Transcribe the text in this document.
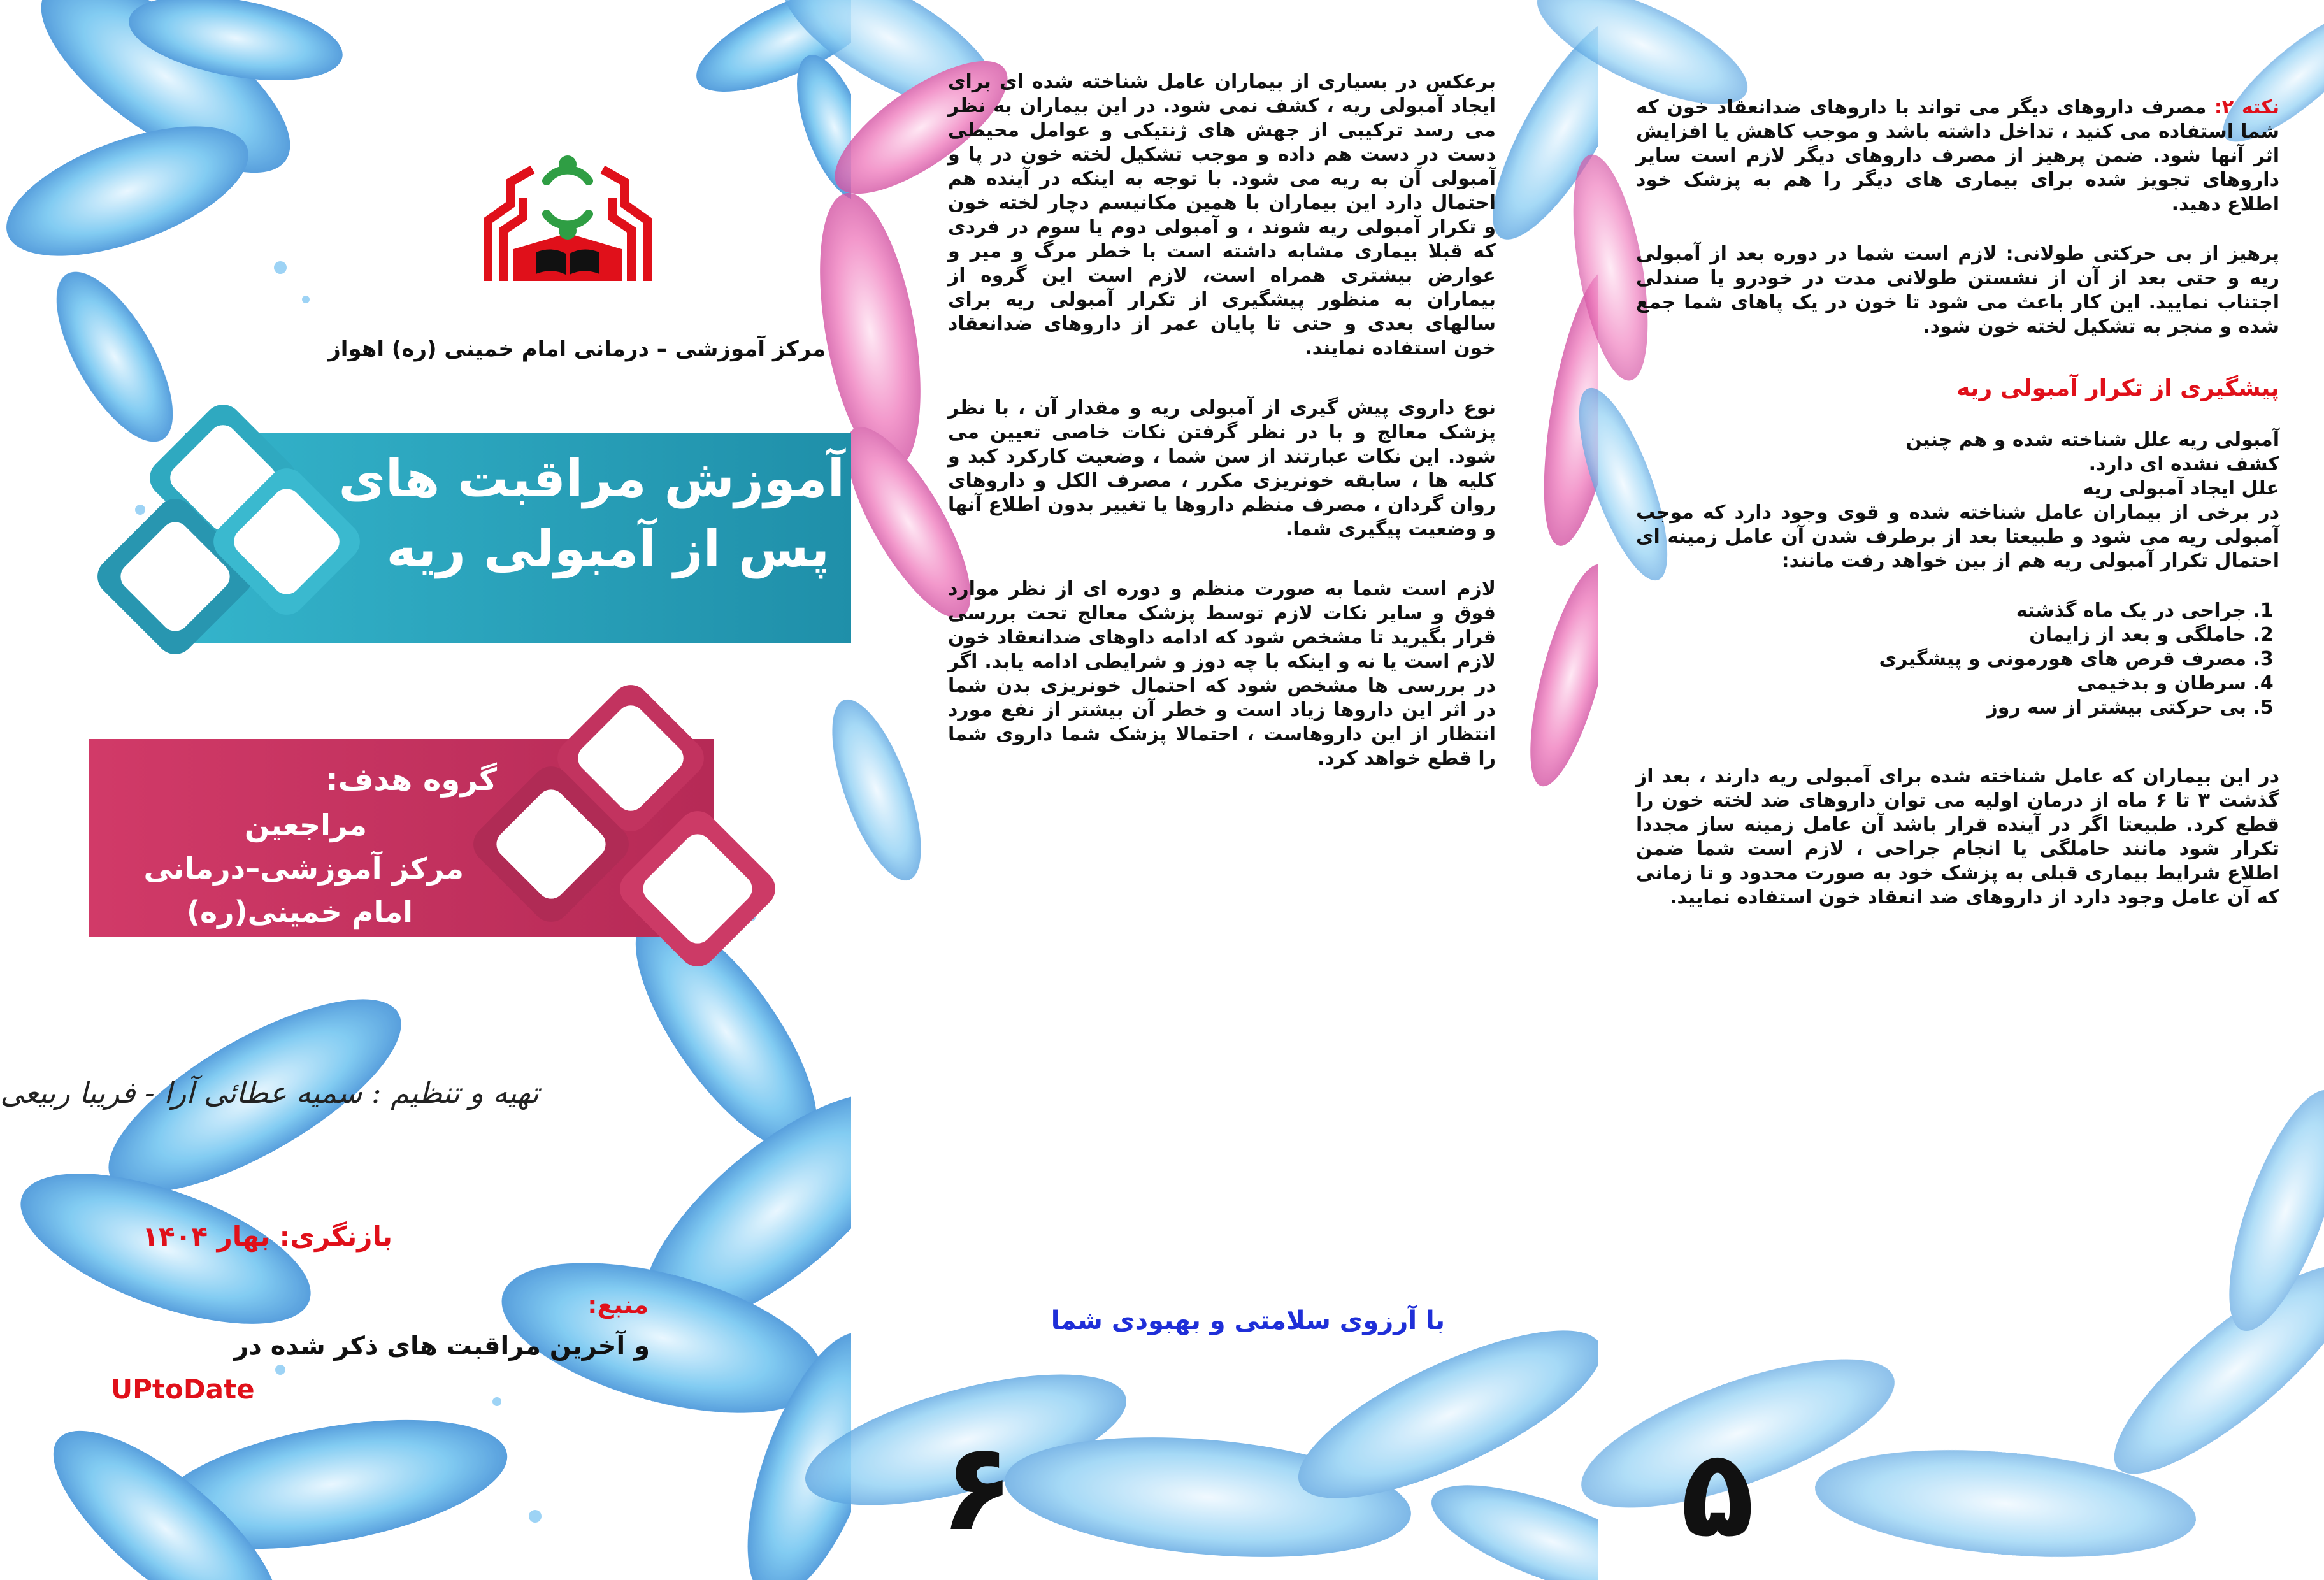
مرکز آموزشی – درمانی امام خمینی (ره) اهواز
آموزش مراقبت های
پس از آمبولی ریه
گروه هدف:
مراجعین
مرکز آموزشی–درمانی
امام خمینی(ره)
تهیه و تنظیم : سمیه عطائی آرا - فریبا ربیعی
بازنگری: بهار ۱۴۰۴
منبع:
و آخرین مراقبت های ذکر شده در
UPtoDate

برعکس در بسیاری از بیماران عامل شناخته شده ای برای ایجاد آمبولی ریه ، کشف نمی شود. در این بیماران به نظر می رسد ترکیبی از جهش های ژنتیکی و عوامل محیطی دست در دست هم داده و موجب تشکیل لخته خون در پا و آمبولی آن به ریه می شود. با توجه به اینکه در آینده هم احتمال دارد این بیماران با همین مکانیسم دچار لخته خون و تکرار آمبولی ریه شوند ، و آمبولی دوم یا سوم در فردی که قبلا بیماری مشابه داشته است با خطر مرگ و میر و عوارض بیشتری همراه است، لازم است این گروه از بیماران به منظور پیشگیری از تکرار آمبولی ریه برای سالهای بعدی و حتی تا پایان عمر از داروهای ضدانعقاد خون استفاده نمایند.

نوع داروی پیش گیری از آمبولی ریه و مقدار آن ، با نظر پزشک معالج و با در نظر گرفتن نکات خاصی تعیین می شود. این نکات عبارتند از سن شما ، وضعیت کارکرد کبد و کلیه ها ، سابقه خونریزی مکرر ، مصرف الکل و داروهای روان گردان ، مصرف منظم داروها یا تغییر بدون اطلاع آنها و وضعیت پیگیری شما.

لازم است شما به صورت منظم و دوره ای از نظر موارد فوق و سایر نکات لازم توسط پزشک معالج تحت بررسی قرار بگیرید تا مشخص شود که ادامه داوهای ضدانعقاد خون لازم است یا نه و اینکه با چه دوز و شرایطی ادامه یابد. اگر در بررسی ها مشخص شود که احتمال خونریزی بدن شما در اثر این داروها زیاد است و خطر آن بیشتر از نفع مورد انتظار از این داروهاست ، احتمالا پزشک شما داروی شما را قطع خواهد کرد.

با آرزوی سلامتی و بهبودی شما
۶

نکته ۲: مصرف داروهای دیگر می تواند با داروهای ضدانعقاد خون که شما استفاده می کنید ، تداخل داشته باشد و موجب کاهش یا افزایش اثر آنها شود. ضمن پرهیز از مصرف داروهای دیگر لازم است سایر داروهای تجویز شده برای بیماری های دیگر را هم به پزشک خود اطلاع دهید.

پرهیز از بی حرکتی طولانی: لازم است شما در دوره بعد از آمبولی ریه و حتی بعد از آن از نشستن طولانی مدت در خودرو یا صندلی اجتناب نمایید. این کار باعث می شود تا خون در یک پاهای شما جمع شده و منجر به تشکیل لخته خون شود.

پیشگیری از تکرار آمبولی ریه
آمبولی ریه علل شناخته شده و هم چنین
کشف نشده ای دارد.
علل ایجاد آمبولی ریه

در برخی از بیماران عامل شناخته شده و قوی وجود دارد که موجب آمبولی ریه می شود و طبیعتا بعد از برطرف شدن آن عامل زمینه ای احتمال تکرار آمبولی ریه هم از بین خواهد رفت مانند:

1. جراحی در یک ماه گذشته
2. حاملگی و بعد از زایمان
3. مصرف قرص های هورمونی و پیشگیری
4. سرطان و بدخیمی
5. بی حرکتی بیشتر از سه روز

در این بیماران که عامل شناخته شده برای آمبولی ریه دارند ، بعد از گذشت ۳ تا ۶ ماه از درمان اولیه می توان داروهای ضد لخته خون را قطع کرد. طبیعتا اگر در آینده قرار باشد آن عامل زمینه ساز مجددا تکرار شود مانند حاملگی یا انجام جراحی ، لازم است شما ضمن اطلاع شرایط بیماری قبلی به پزشک خود به صورت محدود و تا زمانی که آن عامل وجود دارد از داروهای ضد انعقاد خون استفاده نمایید.

۵
